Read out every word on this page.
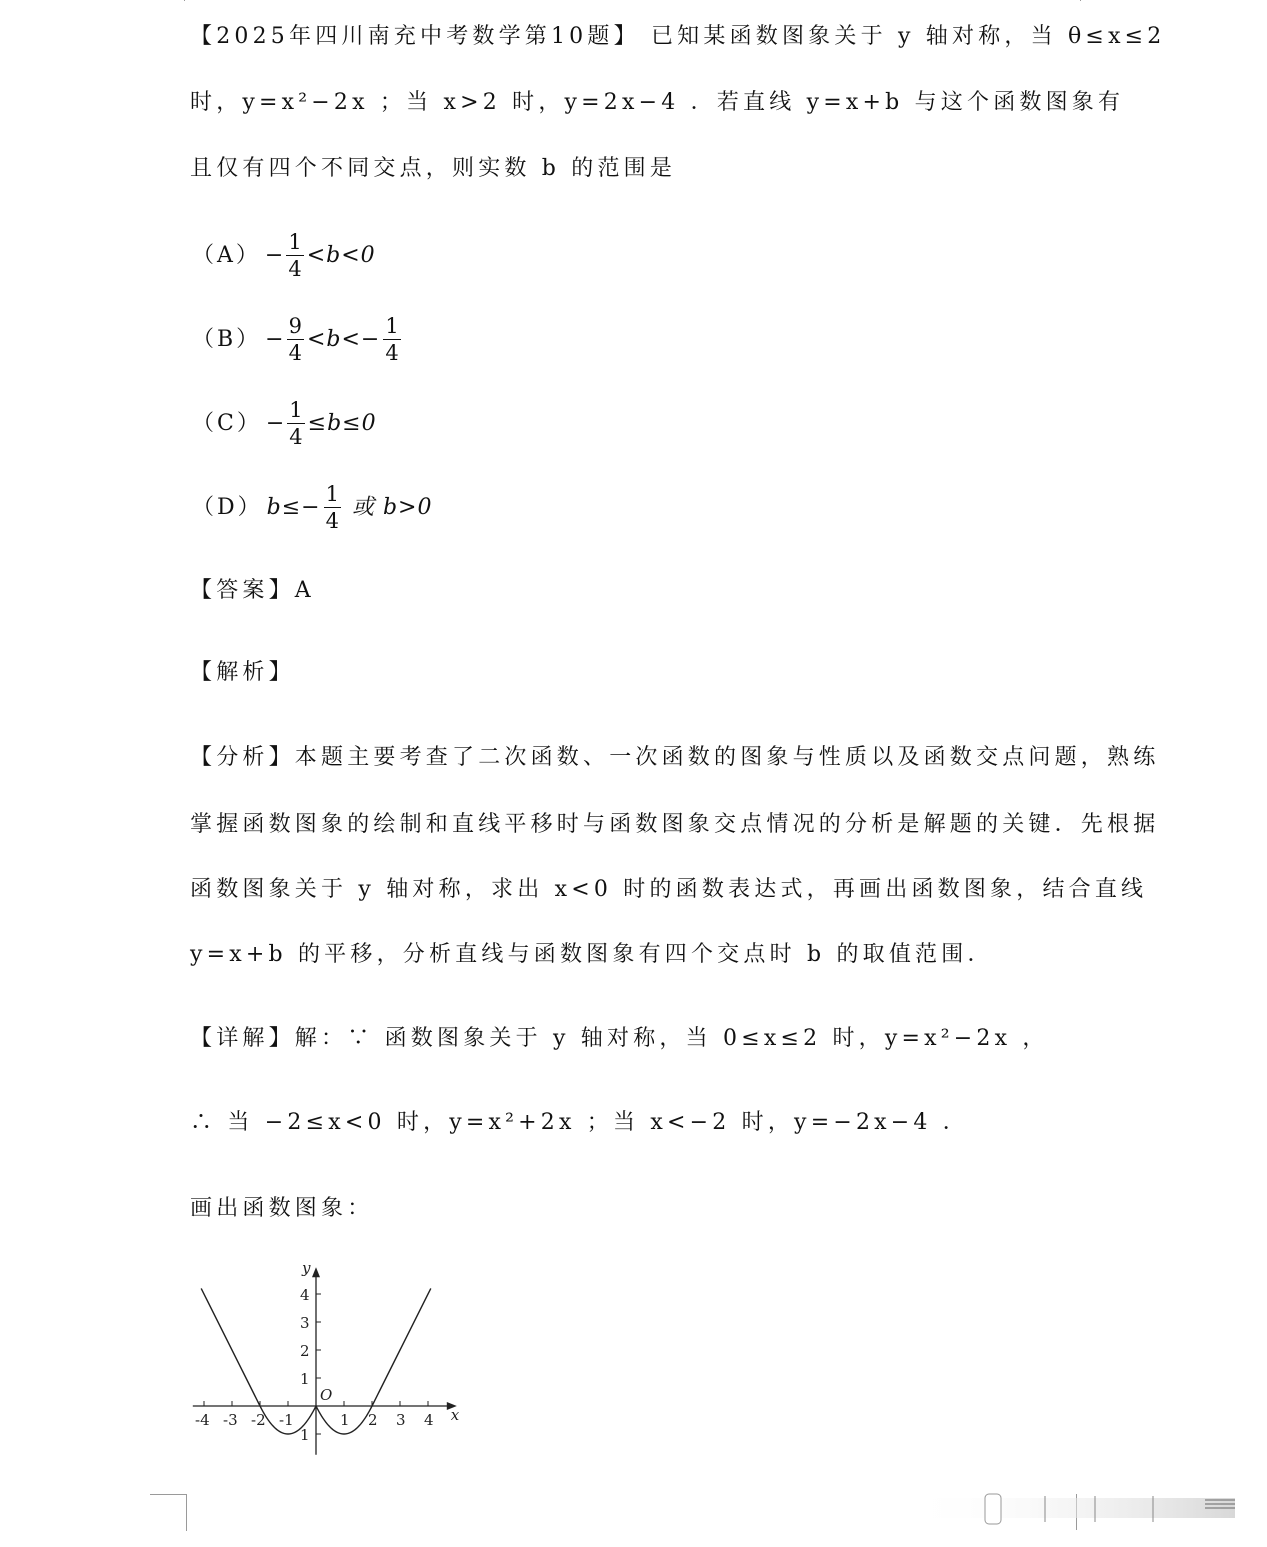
【2025年四川南充中考数学第10题】 已知某函数图象关于 y 轴对称，当 θ≤x≤2
时，y=x²−2x ；当 x>2 时，y=2x−4 ．若直线 y=x+b 与这个函数图象有
且仅有四个不同交点，则实数 b 的范围是
$(A) - \frac{1}{4} <b<0$
$(B) - \frac{9}{4} <b<- \frac{1}{4}$
$(C) - \frac{1}{4} \le b\le 0$
（D） $b\le- \frac{1}{4}$ 或 b>0
【答案】A
【解析】
【分析】本题主要考查了二次函数、一次函数的图象与性质以及函数交点问题，熟练
掌握函数图象的绘制和直线平移时与函数图象交点情况的分析是解题的关键．先根据
函数图象关于 y 轴对称，求出 x<0 时的函数表达式，再画出函数图象，结合直线
y=x+b 的平移，分析直线与函数图象有四个交点时 b 的取值范围．
【详解】解：∵ 函数图象关于 y 轴对称，当 0≤x≤2 时，y=x²−2x ，
∴ 当 −2≤x<0 时，y=x²+2x ；当 x<−2 时，y=−2x−4 ．
画出函数图象：
-4 -3 -2 -1	1 2 3 4
4
3
2
1
1
x
y
O
